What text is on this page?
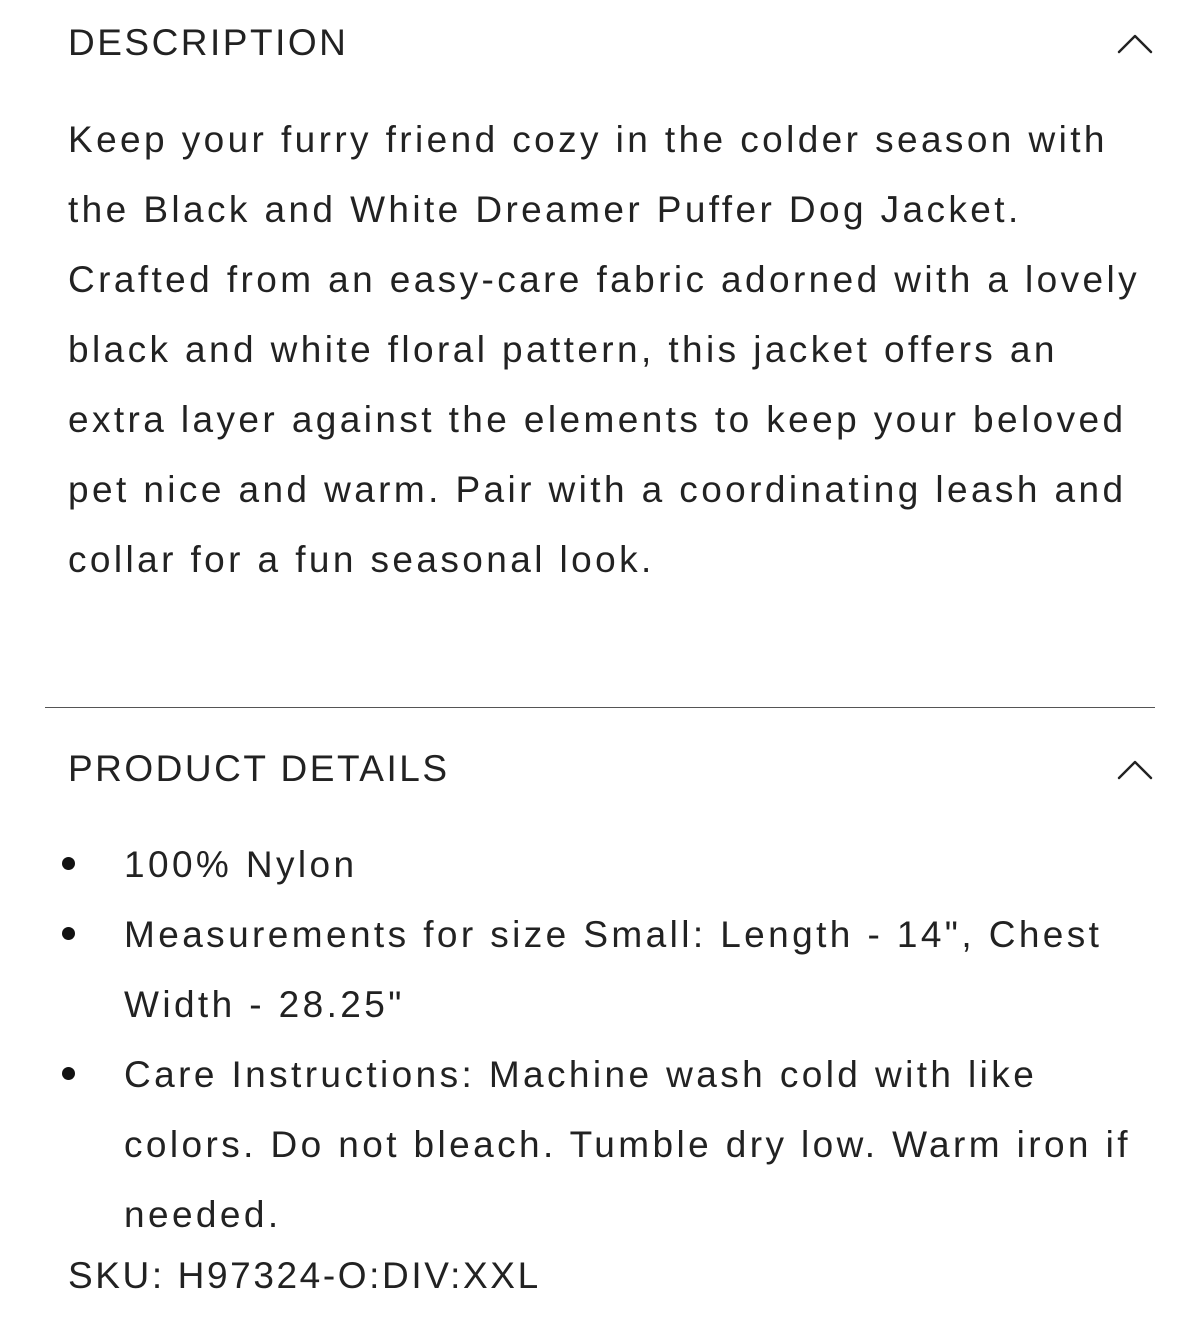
DESCRIPTION
Keep your furry friend cozy in the colder season with the Black and White Dreamer Puffer Dog Jacket. Crafted from an easy-care fabric adorned with a lovely black and white floral pattern, this jacket offers an extra layer against the elements to keep your beloved pet nice and warm. Pair with a coordinating leash and collar for a fun seasonal look.
PRODUCT DETAILS
100% Nylon
Measurements for size Small: Length - 14", Chest Width - 28.25"
Care Instructions: Machine wash cold with like colors. Do not bleach. Tumble dry low. Warm iron if needed.
SKU: H97324-O:DIV:XXL
